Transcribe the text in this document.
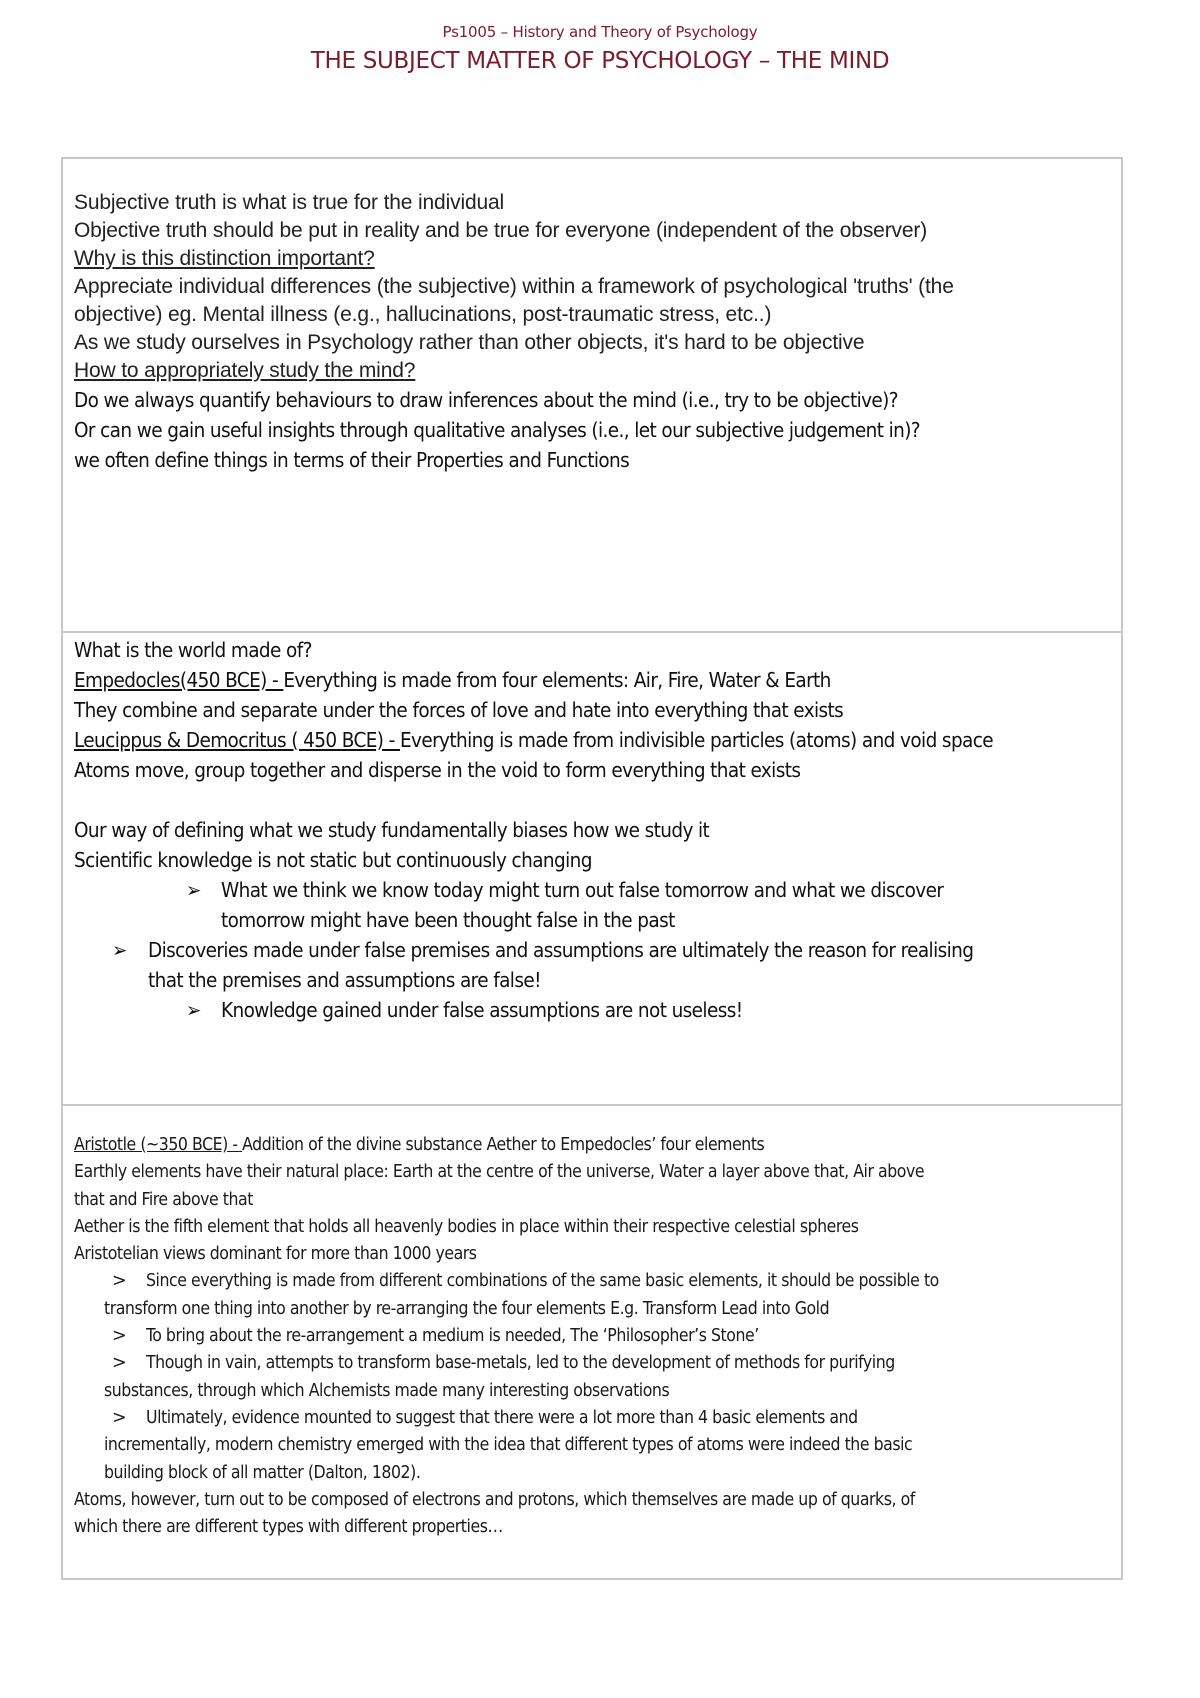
Ps1005 – History and Theory of Psychology
THE SUBJECT MATTER OF PSYCHOLOGY – THE MIND
Subjective truth is what is true for the individual
Objective truth should be put in reality and be true for everyone (independent of the observer)
Why is this distinction important?
Appreciate individual differences (the subjective) within a framework of psychological 'truths' (the
objective) eg. Mental illness (e.g., hallucinations, post-traumatic stress, etc..)
As we study ourselves in Psychology rather than other objects, it's hard to be objective
How to appropriately study the mind?
Do we always quantify behaviours to draw inferences about the mind (i.e., try to be objective)?
Or can we gain useful insights through qualitative analyses (i.e., let our subjective judgement in)?
we often define things in terms of their Properties and Functions
What is the world made of?
Empedocles(450 BCE) - Everything is made from four elements: Air, Fire, Water & Earth
They combine and separate under the forces of love and hate into everything that exists
Leucippus & Democritus ( 450 BCE) - Everything is made from indivisible particles (atoms) and void space
Atoms move, group together and disperse in the void to form everything that exists
Our way of defining what we study fundamentally biases how we study it
Scientific knowledge is not static but continuously changing
➢ What we think we know today might turn out false tomorrow and what we discover
tomorrow might have been thought false in the past
➢ Discoveries made under false premises and assumptions are ultimately the reason for realising
that the premises and assumptions are false!
➢ Knowledge gained under false assumptions are not useless!
Aristotle (~350 BCE) - Addition of the divine substance Aether to Empedocles’ four elements
Earthly elements have their natural place: Earth at the centre of the universe, Water a layer above that, Air above
that and Fire above that
Aether is the fifth element that holds all heavenly bodies in place within their respective celestial spheres
Aristotelian views dominant for more than 1000 years
> Since everything is made from different combinations of the same basic elements, it should be possible to
transform one thing into another by re-arranging the four elements E.g. Transform Lead into Gold
> To bring about the re-arrangement a medium is needed, The ‘Philosopher’s Stone’
> Though in vain, attempts to transform base-metals, led to the development of methods for purifying
substances, through which Alchemists made many interesting observations
> Ultimately, evidence mounted to suggest that there were a lot more than 4 basic elements and
incrementally, modern chemistry emerged with the idea that different types of atoms were indeed the basic
building block of all matter (Dalton, 1802).
Atoms, however, turn out to be composed of electrons and protons, which themselves are made up of quarks, of
which there are different types with different properties…
